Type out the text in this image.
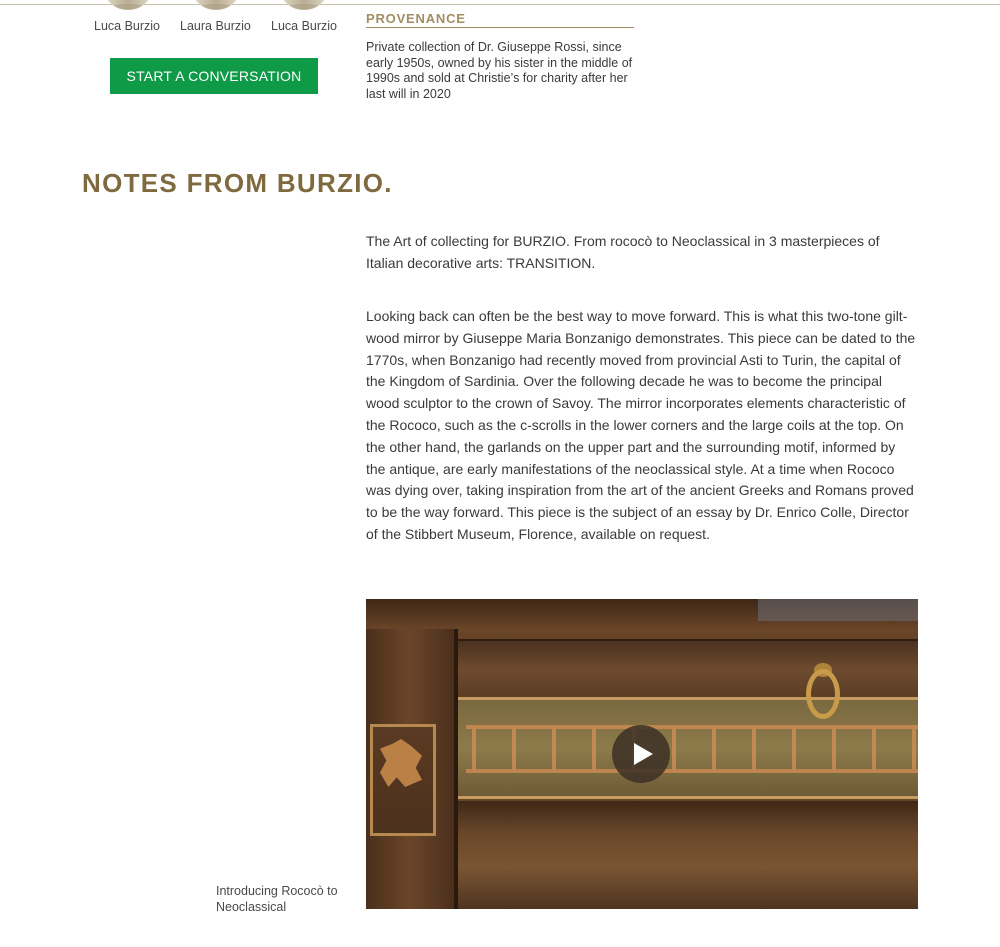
Luca Burzio Laura Burzio Luca Burzio
START A CONVERSATION
PROVENANCE

Private collection of Dr. Giuseppe Rossi, since early 1950s, owned by his sister in the middle of 1990s and sold at Christie’s for charity after her last will in 2020

NOTES FROM BURZIO.

The Art of collecting for BURZIO. From rococò to Neoclassical in 3 masterpieces of Italian decorative arts: TRANSITION.

Looking back can often be the best way to move forward. This is what this two-tone gilt-wood mirror by Giuseppe Maria Bonzanigo demonstrates. This piece can be dated to the 1770s, when Bonzanigo had recently moved from provincial Asti to Turin, the capital of the Kingdom of Sardinia. Over the following decade he was to become the principal wood sculptor to the crown of Savoy. The mirror incorporates elements characteristic of the Rococo, such as the c-scrolls in the lower corners and the large coils at the top. On the other hand, the garlands on the upper part and the surrounding motif, informed by the antique, are early manifestations of the neoclassical style. At a time when Rococo was dying over, taking inspiration from the art of the ancient Greeks and Romans proved to be the way forward. This piece is the subject of an essay by Dr. Enrico Colle, Director of the Stibbert Museum, Florence, available on request.

Introducing Rococò to Neoclassical
